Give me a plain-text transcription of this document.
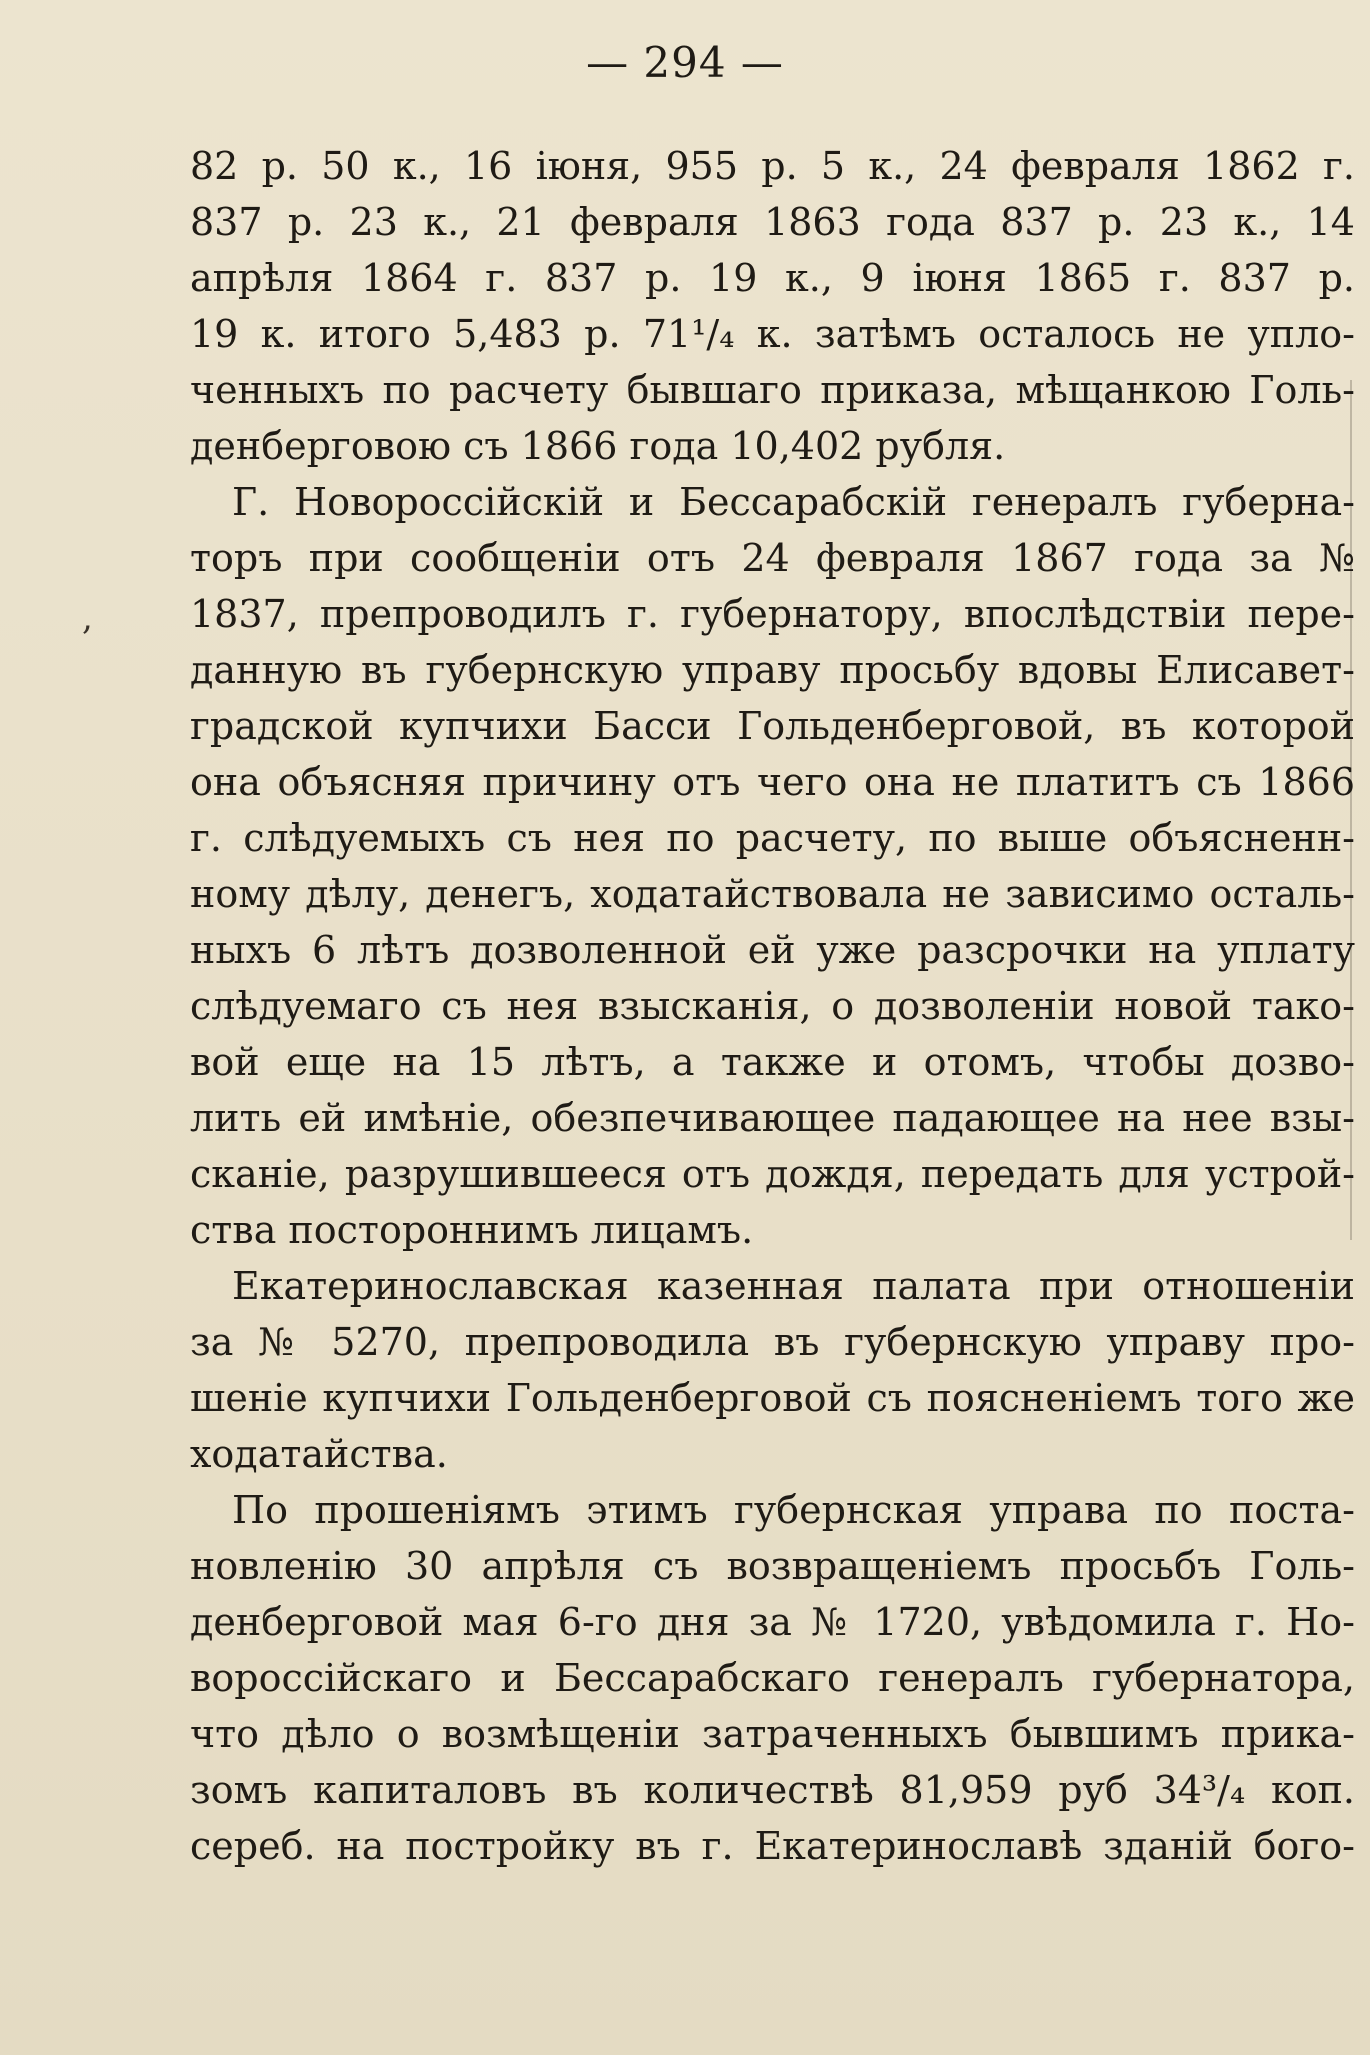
— 294 —
,
82 р. 50 к., 16 іюня, 955 р. 5 к., 24 февраля 1862 г.
837 р. 23 к., 21 февраля 1863 года 837 р. 23 к., 14
апрѣля 1864 г. 837 р. 19 к., 9 іюня 1865 г. 837 р.
19 к. итого 5,483 р. 71¹/₄ к. затѣмъ осталось не упло-
ченныхъ по расчету бывшаго приказа, мѣщанкою Голь-
денберговою съ 1866 года 10,402 рубля.
Г. Новороссійскій и Бессарабскій генералъ губерна-
торъ при сообщеніи отъ 24 февраля 1867 года за №
1837, препроводилъ г. губернатору, впослѣдствіи пере-
данную въ губернскую управу просьбу вдовы Елисавет-
градской купчихи Басси Гольденберговой, въ которой
она объясняя причину отъ чего она не платитъ съ 1866
г. слѣдуемыхъ съ нея по расчету, по выше объясненн-
ному дѣлу, денегъ, ходатайствовала не зависимо осталь-
ныхъ 6 лѣтъ дозволенной ей уже разсрочки на уплату
слѣдуемаго съ нея взысканія, о дозволеніи новой тако-
вой еще на 15 лѣтъ, а также и отомъ, чтобы дозво-
лить ей имѣніе, обезпечивающее падающее на нее взы-
сканіе, разрушившееся отъ дождя, передать для устрой-
ства постороннимъ лицамъ.
Екатеринославская казенная палата при отношеніи
за № 5270, препроводила въ губернскую управу про-
шеніе купчихи Гольденберговой съ поясненіемъ того же
ходатайства.
По прошеніямъ этимъ губернская управа по поста-
новленію 30 апрѣля съ возвращеніемъ просьбъ Голь-
денберговой мая 6-го дня за № 1720, увѣдомила г. Но-
вороссійскаго и Бессарабскаго генералъ губернатора,
что дѣло о возмѣщеніи затраченныхъ бывшимъ прика-
зомъ капиталовъ въ количествѣ 81,959 руб 34³/₄ коп.
сереб. на постройку въ г. Екатеринославѣ зданій бого-
